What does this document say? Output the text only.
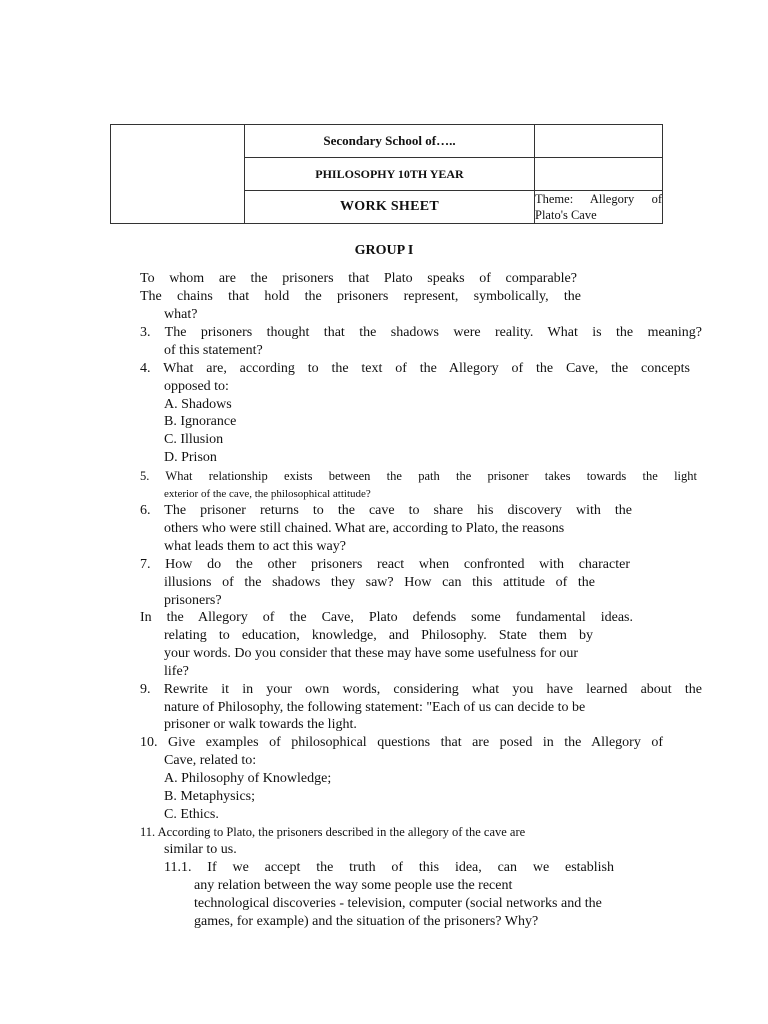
	Secondary School of…..	
	PHILOSOPHY 10TH YEAR	
	WORK SHEET	Theme: Allegory of
Plato's Cave
GROUP I
To whom are the prisoners that Plato speaks of comparable?
The chains that hold the prisoners represent, symbolically, the
what?
3. The prisoners thought that the shadows were reality. What is the meaning?
of this statement?
4. What are, according to the text of the Allegory of the Cave, the concepts
opposed to:
A. Shadows
B. Ignorance
C. Illusion
D. Prison
5. What relationship exists between the path the prisoner takes towards the light
exterior of the cave, the philosophical attitude?
6. The prisoner returns to the cave to share his discovery with the
others who were still chained. What are, according to Plato, the reasons
what leads them to act this way?
7. How do the other prisoners react when confronted with character
illusions of the shadows they saw? How can this attitude of the
prisoners?
In the Allegory of the Cave, Plato defends some fundamental ideas.
relating to education, knowledge, and Philosophy. State them by
your words. Do you consider that these may have some usefulness for our
life?
9. Rewrite it in your own words, considering what you have learned about the
nature of Philosophy, the following statement: "Each of us can decide to be
prisoner or walk towards the light.
10. Give examples of philosophical questions that are posed in the Allegory of
Cave, related to:
A. Philosophy of Knowledge;
B. Metaphysics;
C. Ethics.
11. According to Plato, the prisoners described in the allegory of the cave are
similar to us.
11.1. If we accept the truth of this idea, can we establish
any relation between the way some people use the recent
technological discoveries - television, computer (social networks and the
games, for example) and the situation of the prisoners? Why?
